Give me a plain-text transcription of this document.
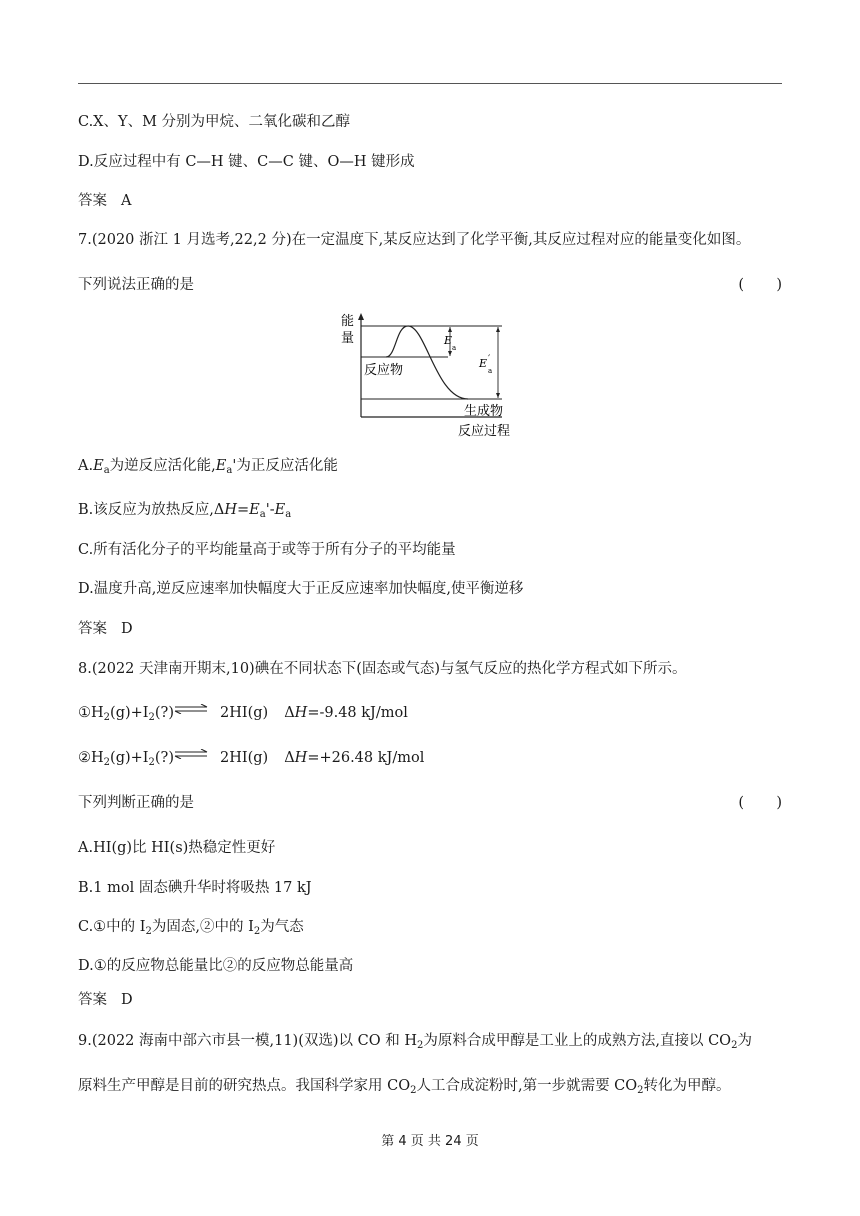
C.X、Y、M 分别为甲烷、二氧化碳和乙醇
D.反应过程中有 C—H 键、C—C 键、O—H 键形成
答案 A
7.(2020 浙江 1 月选考,22,2 分)在一定温度下,某反应达到了化学平衡,其反应过程对应的能量变化如图。
下列说法正确的是	(       )
能
量
反应物
生成物
反应过程
E
a
E ′
a
$A.E_a$为逆反应活化能$,E_a'$为正反应活化能
B.该反应为放热反应$,\Delta H=E_a'-E_a$
C.所有活化分子的平均能量高于或等于所有分子的平均能量
D.温度升高,逆反应速率加快幅度大于正反应速率加快幅度,使平衡逆移
答案 D
8.(2022 天津南开期末,10)碘在不同状态下(固态或气态)与氢气反应的热化学方程式如下所示。
$①H_2(g)+I_2(?)\rightleftharpoons$ 2HI(g) ΔH=-9.48 kJ/mol
$②H_2(g)+I_2(?)\rightleftharpoons$ 2HI(g) ΔH=+26.48 kJ/mol
下列判断正确的是	(       )
A.HI(g)比 HI(s)热稳定性更好
B.1 mol 固态碘升华时将吸热 17 kJ
C.①中的 $I_2$为固态,②中的 $I_2$为气态
D.①的反应物总能量比②的反应物总能量高
答案 D
9.(2022 海南中部六市县一模,11)(双选)以 CO 和 $H_2$为原料合成甲醇是工业上的成熟方法,直接以 $CO_2$为
原料生产甲醇是目前的研究热点。我国科学家用 $CO_2$人工合成淀粉时,第一步就需要 $CO_2$转化为甲醇。
第 4 页 共 24 页
